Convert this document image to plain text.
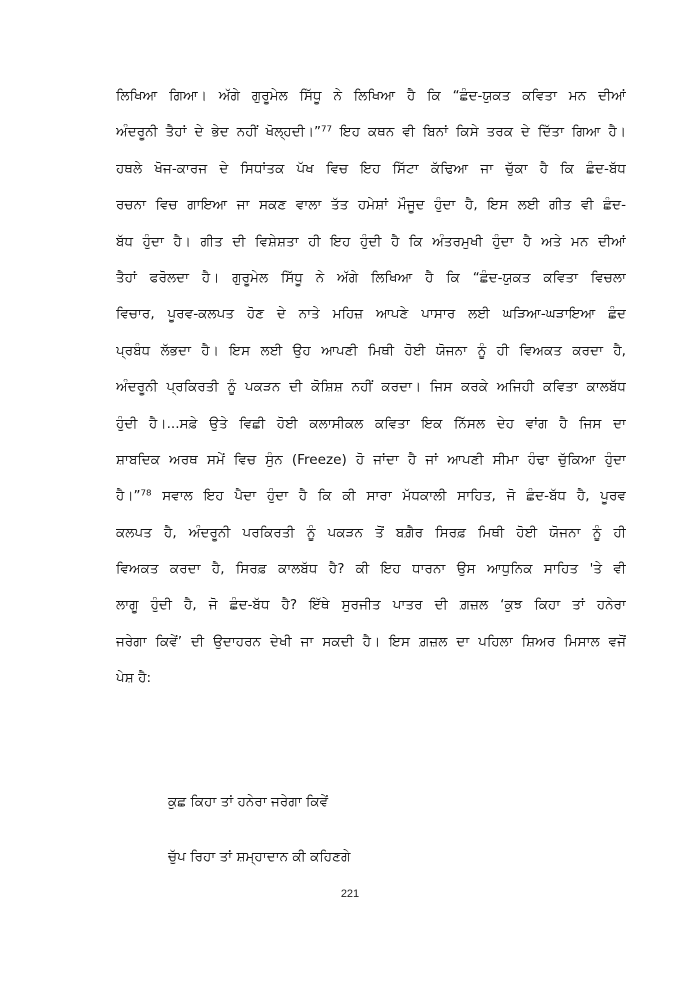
ਲਿਖਿਆ ਗਿਆ। ਅੱਗੇ ਗੁਰੂਮੇਲ ਸਿੱਧੂ ਨੇ ਲਿਖਿਆ ਹੈ ਕਿ “ਛੰਦ-ਯੁਕਤ ਕਵਿਤਾ ਮਨ ਦੀਆਂ
ਅੰਦਰੂਨੀ ਤੈਹਾਂ ਦੇ ਭੇਦ ਨਹੀਂ ਖੋਲ੍ਹਦੀ।”⁷⁷ ਇਹ ਕਥਨ ਵੀ ਬਿਨਾਂ ਕਿਸੇ ਤਰਕ ਦੇ ਦਿੱਤਾ ਗਿਆ ਹੈ।
ਹਥਲੇ ਖੋਜ-ਕਾਰਜ ਦੇ ਸਿਧਾਂਤਕ ਪੱਖ ਵਿਚ ਇਹ ਸਿੱਟਾ ਕੱਢਿਆ ਜਾ ਚੁੱਕਾ ਹੈ ਕਿ ਛੰਦ-ਬੱਧ
ਰਚਨਾ ਵਿਚ ਗਾਇਆ ਜਾ ਸਕਣ ਵਾਲਾ ਤੱਤ ਹਮੇਸ਼ਾਂ ਮੌਜੂਦ ਹੁੰਦਾ ਹੈ, ਇਸ ਲਈ ਗੀਤ ਵੀ ਛੰਦ-
ਬੱਧ ਹੁੰਦਾ ਹੈ। ਗੀਤ ਦੀ ਵਿਸ਼ੇਸ਼ਤਾ ਹੀ ਇਹ ਹੁੰਦੀ ਹੈ ਕਿ ਅੰਤਰਮੁਖੀ ਹੁੰਦਾ ਹੈ ਅਤੇ ਮਨ ਦੀਆਂ
ਤੈਹਾਂ ਫਰੋਲਦਾ ਹੈ। ਗੁਰੂਮੇਲ ਸਿੱਧੂ ਨੇ ਅੱਗੇ ਲਿਖਿਆ ਹੈ ਕਿ “ਛੰਦ-ਯੁਕਤ ਕਵਿਤਾ ਵਿਚਲਾ
ਵਿਚਾਰ, ਪੂਰਵ-ਕਲਪਤ ਹੋਣ ਦੇ ਨਾਤੇ ਮਹਿਜ਼ ਆਪਣੇ ਪਾਸਾਰ ਲਈ ਘੜਿਆ-ਘੜਾਇਆ ਛੰਦ
ਪ੍ਰਬੰਧ ਲੱਭਦਾ ਹੈ। ਇਸ ਲਈ ਉਹ ਆਪਣੀ ਮਿਥੀ ਹੋਈ ਯੋਜਨਾ ਨੂੰ ਹੀ ਵਿਅਕਤ ਕਰਦਾ ਹੈ,
ਅੰਦਰੂਨੀ ਪ੍ਰਕਿਰਤੀ ਨੂੰ ਪਕੜਨ ਦੀ ਕੋਸ਼ਿਸ਼ ਨਹੀਂ ਕਰਦਾ। ਜਿਸ ਕਰਕੇ ਅਜਿਹੀ ਕਵਿਤਾ ਕਾਲਬੱਧ
ਹੁੰਦੀ ਹੈ।...ਸਫ਼ੇ ਉਤੇ ਵਿਛੀ ਹੋਈ ਕਲਾਸੀਕਲ ਕਵਿਤਾ ਇਕ ਨਿੱਸਲ ਦੇਹ ਵਾਂਗ ਹੈ ਜਿਸ ਦਾ
ਸ਼ਾਬਦਿਕ ਅਰਥ ਸਮੇਂ ਵਿਚ ਸੁੰਨ (Freeze) ਹੋ ਜਾਂਦਾ ਹੈ ਜਾਂ ਆਪਣੀ ਸੀਮਾ ਹੰਢਾ ਚੁੱਕਿਆ ਹੁੰਦਾ
ਹੈ।”⁷⁸ ਸਵਾਲ ਇਹ ਪੈਦਾ ਹੁੰਦਾ ਹੈ ਕਿ ਕੀ ਸਾਰਾ ਮੱਧਕਾਲੀ ਸਾਹਿਤ, ਜੋ ਛੰਦ-ਬੱਧ ਹੈ, ਪੂਰਵ
ਕਲਪਤ ਹੈ, ਅੰਦਰੂਨੀ ਪਰਕਿਰਤੀ ਨੂੰ ਪਕੜਨ ਤੋਂ ਬਗ਼ੈਰ ਸਿਰਫ਼ ਮਿਥੀ ਹੋਈ ਯੋਜਨਾ ਨੂੰ ਹੀ
ਵਿਅਕਤ ਕਰਦਾ ਹੈ, ਸਿਰਫ਼ ਕਾਲਬੱਧ ਹੈ? ਕੀ ਇਹ ਧਾਰਨਾ ਉਸ ਆਧੁਨਿਕ ਸਾਹਿਤ 'ਤੇ ਵੀ
ਲਾਗੂ ਹੁੰਦੀ ਹੈ, ਜੋ ਛੰਦ-ਬੱਧ ਹੈ? ਇੱਥੇ ਸੁਰਜੀਤ ਪਾਤਰ ਦੀ ਗ਼ਜ਼ਲ ‘ਕੁਝ ਕਿਹਾ ਤਾਂ ਹਨੇਰਾ
ਜਰੇਗਾ ਕਿਵੇਂ’ ਦੀ ਉਦਾਹਰਨ ਦੇਖੀ ਜਾ ਸਕਦੀ ਹੈ। ਇਸ ਗ਼ਜ਼ਲ ਦਾ ਪਹਿਲਾ ਸ਼ਿਅਰ ਮਿਸਾਲ ਵਜੋਂ
ਪੇਸ਼ ਹੈ:
ਕੁਛ ਕਿਹਾ ਤਾਂ ਹਨੇਰਾ ਜਰੇਗਾ ਕਿਵੇਂ
ਚੁੱਪ ਰਿਹਾ ਤਾਂ ਸ਼ਮ੍ਹਾਦਾਨ ਕੀ ਕਹਿਣਗੇ
221
